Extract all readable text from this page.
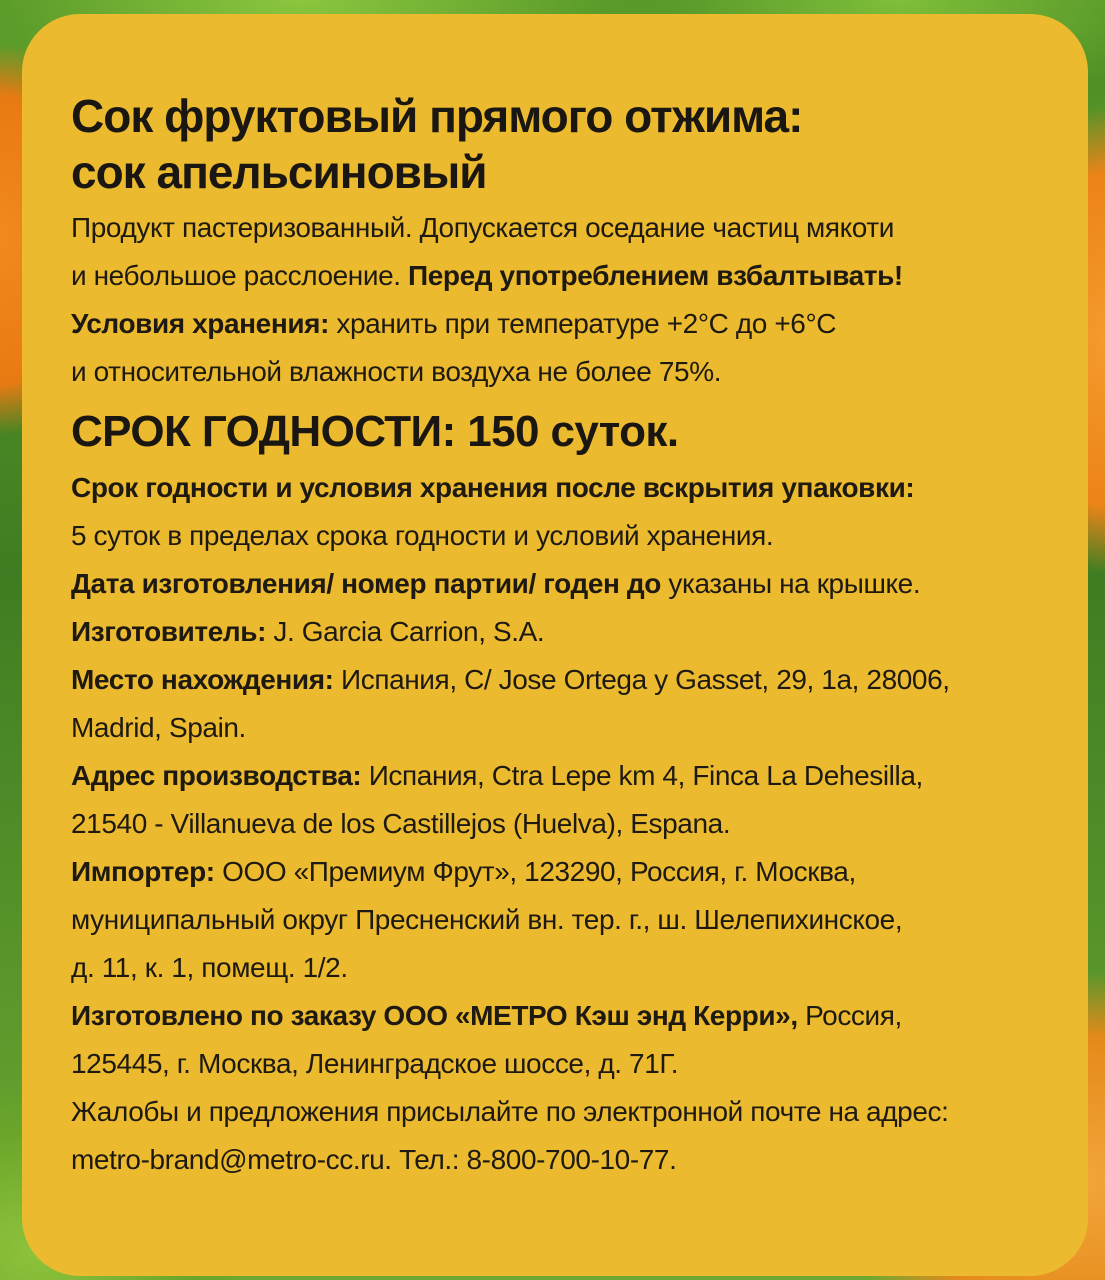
Сок фруктовый прямого отжима:
сок апельсиновый

Продукт пастеризованный. Допускается оседание частиц мякоти

и небольшое расслоение. Перед употреблением взбалтывать!

Условия хранения: хранить при температуре +2°С до +6°С

и относительной влажности воздуха не более 75%.

СРОК ГОДНОСТИ: 150 суток.

Срок годности и условия хранения после вскрытия упаковки:

5 суток в пределах срока годности и условий хранения.

Дата изготовления/ номер партии/ годен до указаны на крышке.

Изготовитель: J. Garcia Carrion, S.A.

Место нахождения: Испания, C/ Jose Ortega y Gasset, 29, 1a, 28006,

Madrid, Spain.

Адрес производства: Испания, Ctra Lepe km 4, Finca La Dehesilla,

21540 - Villanueva de los Castillejos (Huelva), Espana.

Импортер: ООО «Премиум Фрут», 123290, Россия, г. Москва,

муниципальный округ Пресненский вн. тер. г., ш. Шелепихинское,

д. 11, к. 1, помещ. 1/2.

Изготовлено по заказу ООО «МЕТРО Кэш энд Керри», Россия,

125445, г. Москва, Ленинградское шоссе, д. 71Г.

Жалобы и предложения присылайте по электронной почте на адрес:

metro-brand@metro-cc.ru. Тел.: 8-800-700-10-77.
